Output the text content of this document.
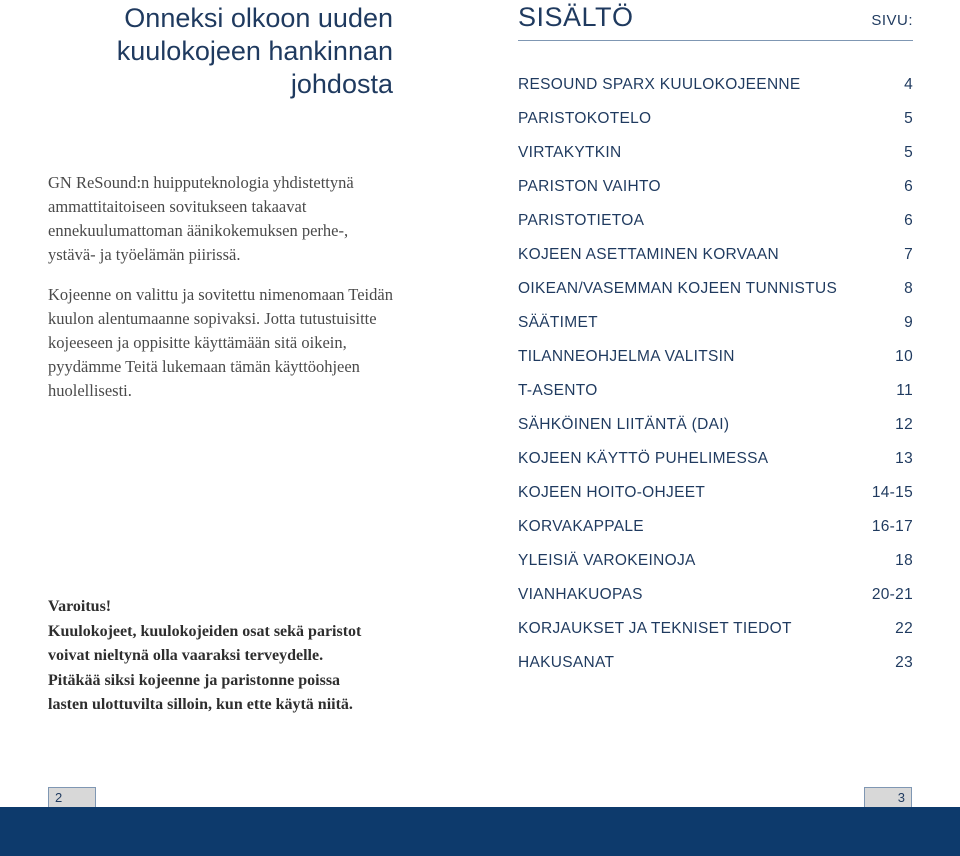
Onneksi olkoon uuden
kuulokojeen hankinnan
johdosta

GN ReSound:n huipputeknologia yhdistettynä
ammattitaitoiseen sovitukseen takaavat
ennekuulumattoman äänikokemuksen perhe-,
ystävä- ja työelämän piirissä.

Kojeenne on valittu ja sovitettu nimenomaan Teidän
kuulon alentumaanne sopivaksi. Jotta tutustuisitte
kojeeseen ja oppisitte käyttämään sitä oikein,
pyydämme Teitä lukemaan tämän käyttöohjeen
huolellisesti.

Varoitus!
Kuulokojeet, kuulokojeiden osat sekä paristot
voivat nieltynä olla vaaraksi terveydelle.
Pitäkää siksi kojeenne ja paristonne poissa
lasten ulottuvilta silloin, kun ette käytä niitä.
SISÄLTÖ	SIVU:
RESOUND SPARX KUULOKOJEENNE	4
PARISTOKOTELO	5
VIRTAKYTKIN	5
PARISTON VAIHTO	6
PARISTOTIETOA	6
KOJEEN ASETTAMINEN KORVAAN	7
OIKEAN/VASEMMAN KOJEEN TUNNISTUS	8
SÄÄTIMET	9
TILANNEOHJELMA VALITSIN	10
T-ASENTO	11
SÄHKÖINEN LIITÄNTÄ (DAI)	12
KOJEEN KÄYTTÖ PUHELIMESSA	13
KOJEEN HOITO-OHJEET	14-15
KORVAKAPPALE	16-17
YLEISIÄ VAROKEINOJA	18
VIANHAKUOPAS	20-21
KORJAUKSET JA TEKNISET TIEDOT	22
HAKUSANAT	23
2	3
